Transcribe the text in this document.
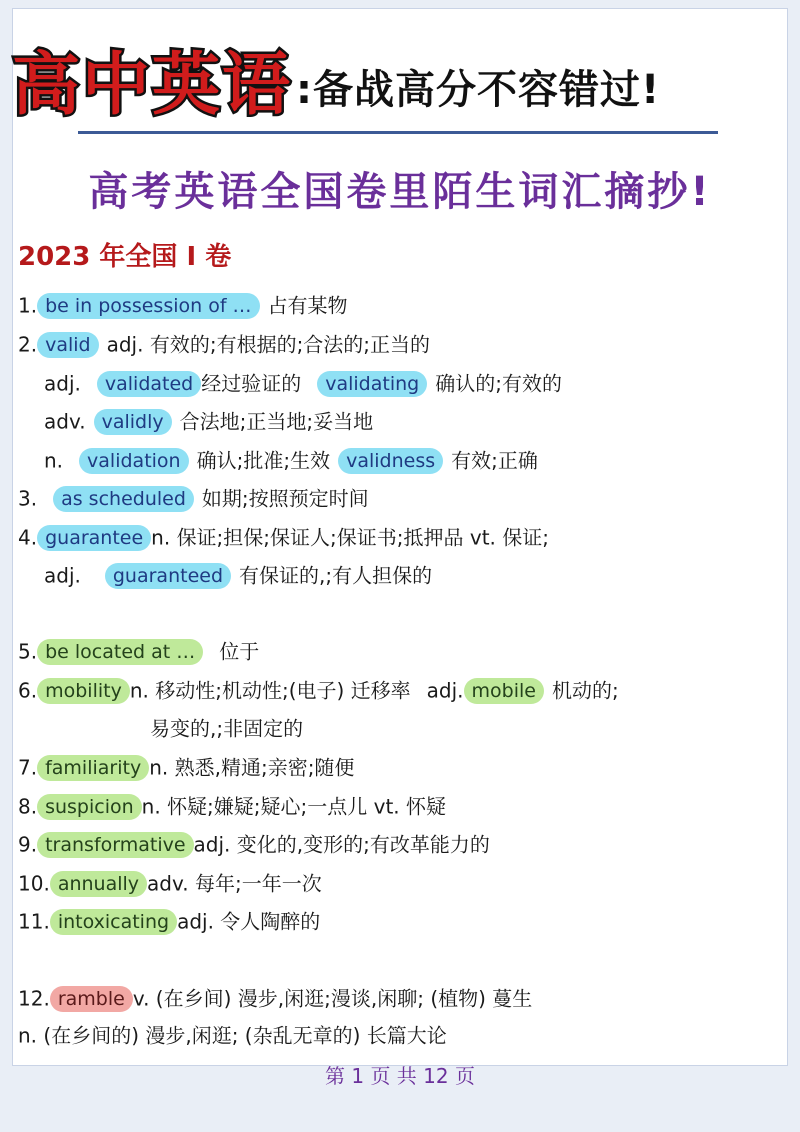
高中英语 :备战高分不容错过!
高考英语全国卷里陌生词汇摘抄!
2023 年全国 I 卷
1. be in possession of … 占有某物
2. valid adj. 有效的;有根据的;合法的;正当的
adj. validated 经过验证的 validating 确认的;有效的
adv. validly 合法地;正当地;妥当地
n. validation 确认;批准;生效 validness 有效;正确
3. as scheduled 如期;按照预定时间
4. guarantee n. 保证;担保;保证人;保证书;抵押品 vt. 保证;
adj. guaranteed 有保证的,;有人担保的
5. be located at … 位于
6. mobility n. 移动性;机动性;(电子) 迁移率 adj. mobile 机动的;
易变的,;非固定的
7. familiarity n. 熟悉,精通;亲密;随便
8. suspicion n. 怀疑;嫌疑;疑心;一点儿 vt. 怀疑
9. transformative adj. 变化的,变形的;有改革能力的
10. annually adv. 每年;一年一次
11. intoxicating adj. 令人陶醉的
12. ramble v. (在乡间) 漫步,闲逛;漫谈,闲聊; (植物) 蔓生
n. (在乡间的) 漫步,闲逛; (杂乱无章的) 长篇大论
第 1 页 共 12 页
